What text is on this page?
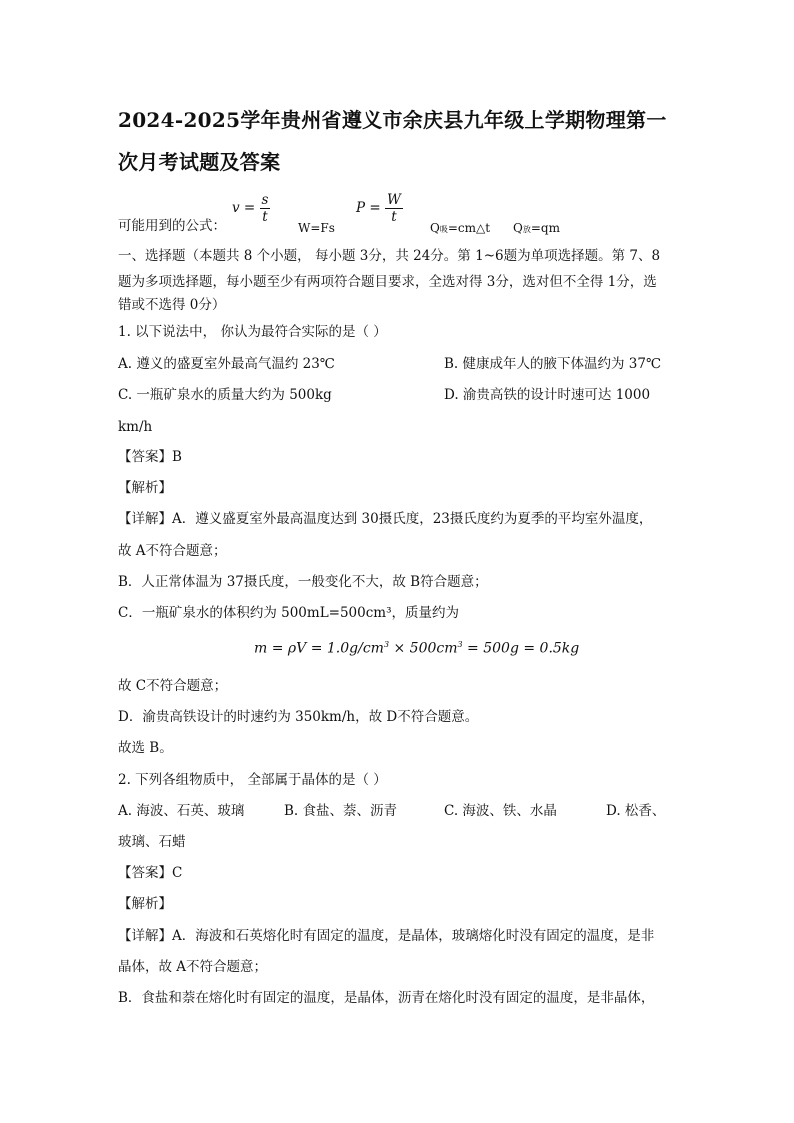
2024-2025学年贵州省遵义市余庆县九年级上学期物理第一
次月考试题及答案
可能用到的公式：
$v = \frac{s}{t}$
W=Fs
$P = \frac{W}{t}$
Q吸=cm△t Q放=qm
一、选择题（本题共 8 个小题， 每小题 3分，共 24分。第 1~6题为单项选择题。第 7、8
题为多项选择题，每小题至少有两项符合题目要求，全选对得 3分，选对但不全得 1分，选
错或不选得 0分）
1. 以下说法中， 你认为最符合实际的是（ ）
A. 遵义的盛夏室外最高气温约 23℃	B. 健康成年人的腋下体温约为 37℃
C. 一瓶矿泉水的质量大约为 500kg	D. 渝贵高铁的设计时速可达 1000
km/h
【答案】B
【解析】
【详解】A．遵义盛夏室外最高温度达到 30摄氏度，23摄氏度约为夏季的平均室外温度，
故 A不符合题意；
B．人正常体温为 37摄氏度，一般变化不大，故 B符合题意；
C．一瓶矿泉水的体积约为 500mL=500cm³，质量约为
$m = \rho V = 1.0g/cm^3 \times 500cm^3 = 500g = 0.5kg$
故 C不符合题意；
D．渝贵高铁设计的时速约为 350km/h，故 D不符合题意。
故选 B。
2. 下列各组物质中， 全部属于晶体的是（ ）
A. 海波、石英、玻璃	B. 食盐、萘、沥青	C. 海波、铁、水晶	D. 松香、
玻璃、石蜡
【答案】C
【解析】
【详解】A．海波和石英熔化时有固定的温度，是晶体，玻璃熔化时没有固定的温度，是非
晶体，故 A不符合题意；
B．食盐和萘在熔化时有固定的温度，是晶体，沥青在熔化时没有固定的温度，是非晶体，
